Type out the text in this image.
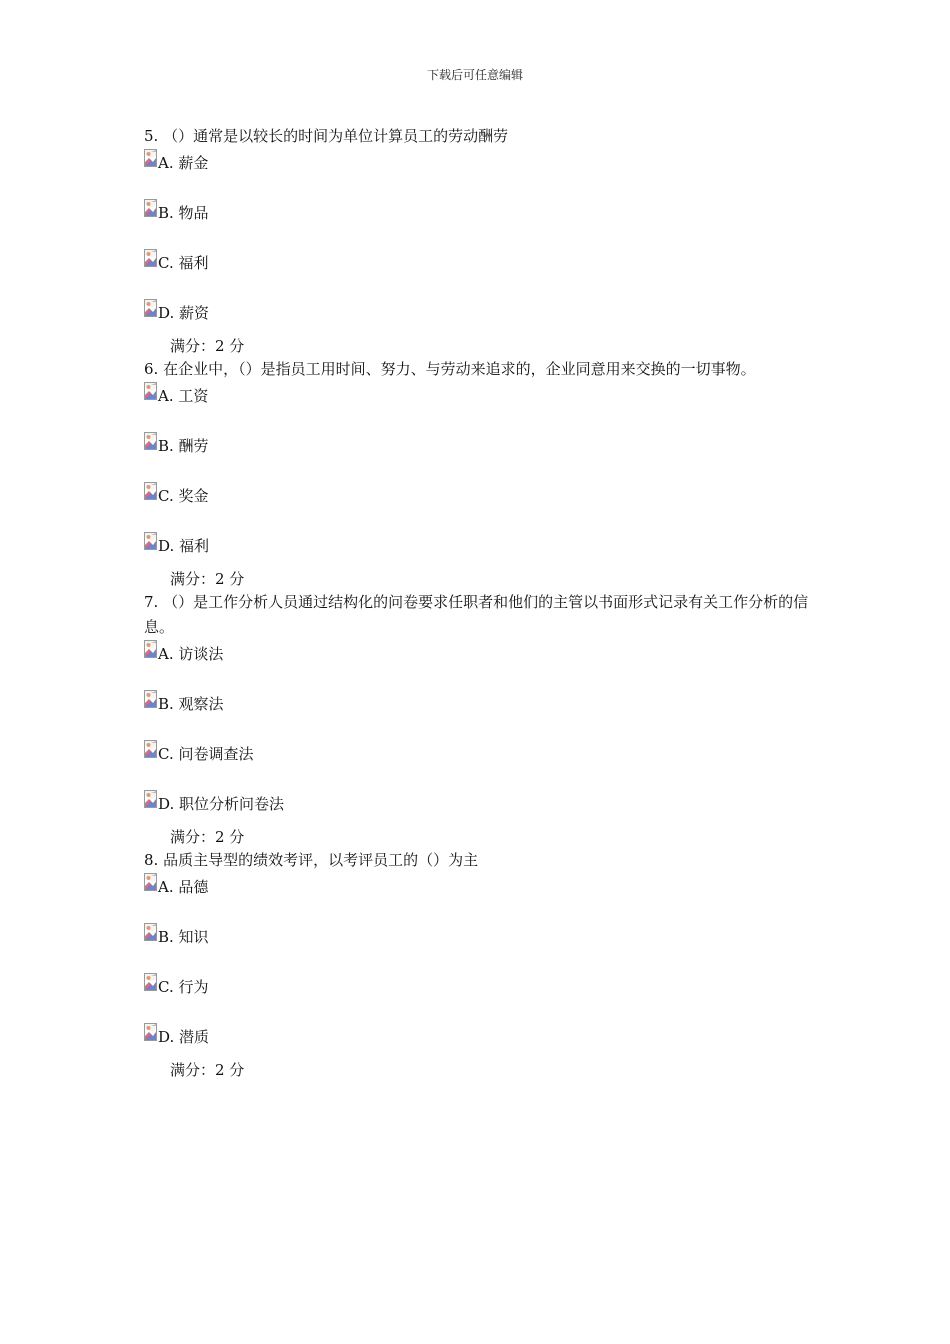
下载后可任意编辑

5. （）通常是以较长的时间为单位计算员工的劳动酬劳

A. 薪金
B. 物品
C. 福利
D. 薪资
满分：2 分

6. 在企业中，（）是指员工用时间、努力、与劳动来追求的，企业同意用来交换的一切事物。

A. 工资
B. 酬劳
C. 奖金
D. 福利
满分：2 分

7. （）是工作分析人员通过结构化的问卷要求任职者和他们的主管以书面形式记录有关工作分析的信息。

A. 访谈法
B. 观察法
C. 问卷调查法
D. 职位分析问卷法
满分：2 分

8. 品质主导型的绩效考评，以考评员工的（）为主

A. 品德
B. 知识
C. 行为
D. 潜质
满分：2 分
